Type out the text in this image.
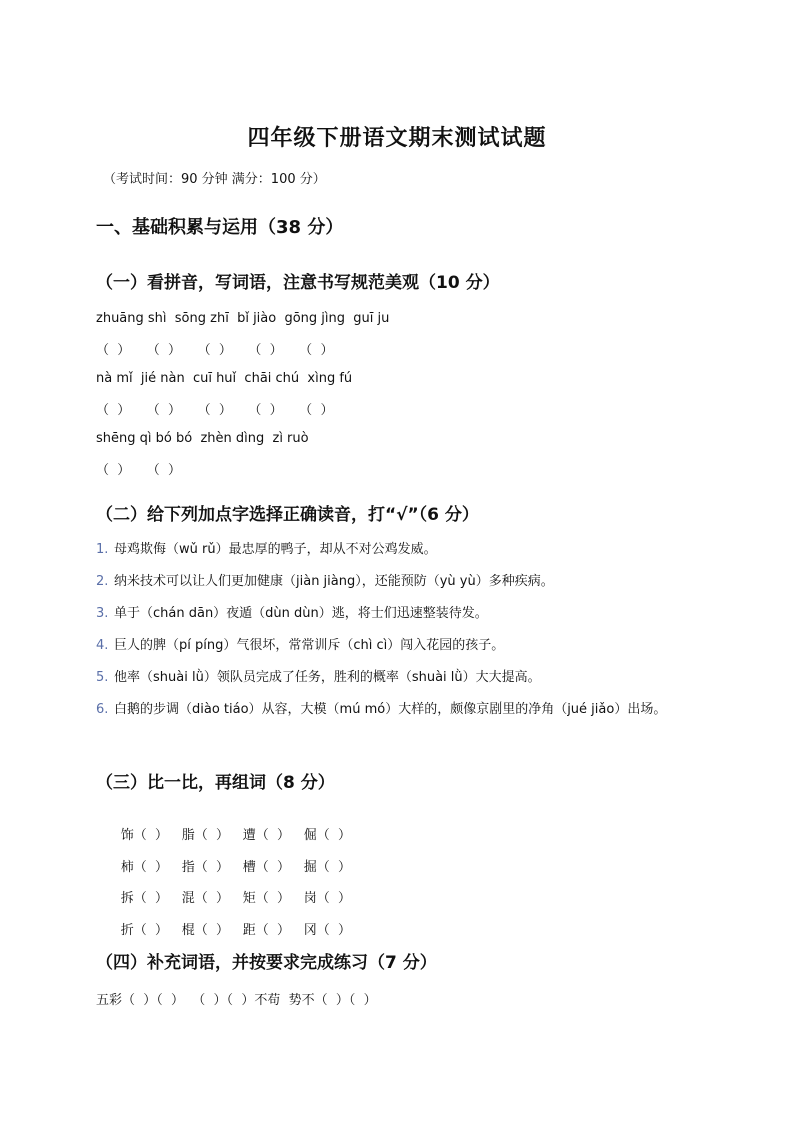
四年级下册语文期末测试试题
（考试时间：90 分钟 满分：100 分）
一、基础积累与运用（38 分）
（一）看拼音，写词语，注意书写规范美观（10 分）
zhuāng shì  sōng zhī  bǐ jiào  gōng jìng  guī ju
（  ）    （  ）    （  ）    （  ）    （  ）
nà mǐ  jié nàn  cuī huǐ  chāi chú  xìng fú
（  ）    （  ）    （  ）    （  ）    （  ）
shēng qì bó bó  zhèn dìng  zì ruò
（  ）    （  ）
（二）给下列加点字选择正确读音，打“√”（6 分）
1. 母鸡欺侮（wǔ rǔ）最忠厚的鸭子，却从不对公鸡发威。
2. 纳米技术可以让人们更加健康（jiàn jiàng），还能预防（yù yù）多种疾病。
3. 单于（chán dān）夜遁（dùn dùn）逃，将士们迅速整装待发。
4. 巨人的脾（pí píng）气很坏，常常训斥（chì cì）闯入花园的孩子。
5. 他率（shuài lǜ）领队员完成了任务，胜利的概率（shuài lǜ）大大提高。
6. 白鹅的步调（diào tiáo）从容，大模（mú mó）大样的，颇像京剧里的净角（jué jiǎo）出场。
（三）比一比，再组词（8 分）

饰（  ） 脂（  ） 遭（  ） 倔（  ）

柿（  ） 指（  ） 槽（  ） 掘（  ）

拆（  ） 混（  ） 矩（  ） 岗（  ）

折（  ） 棍（  ） 距（  ） 冈（  ）

（四）补充词语，并按要求完成练习（7 分）
五彩（  ）（  ）  （  ）（  ）不苟  势不（  ）（  ）
